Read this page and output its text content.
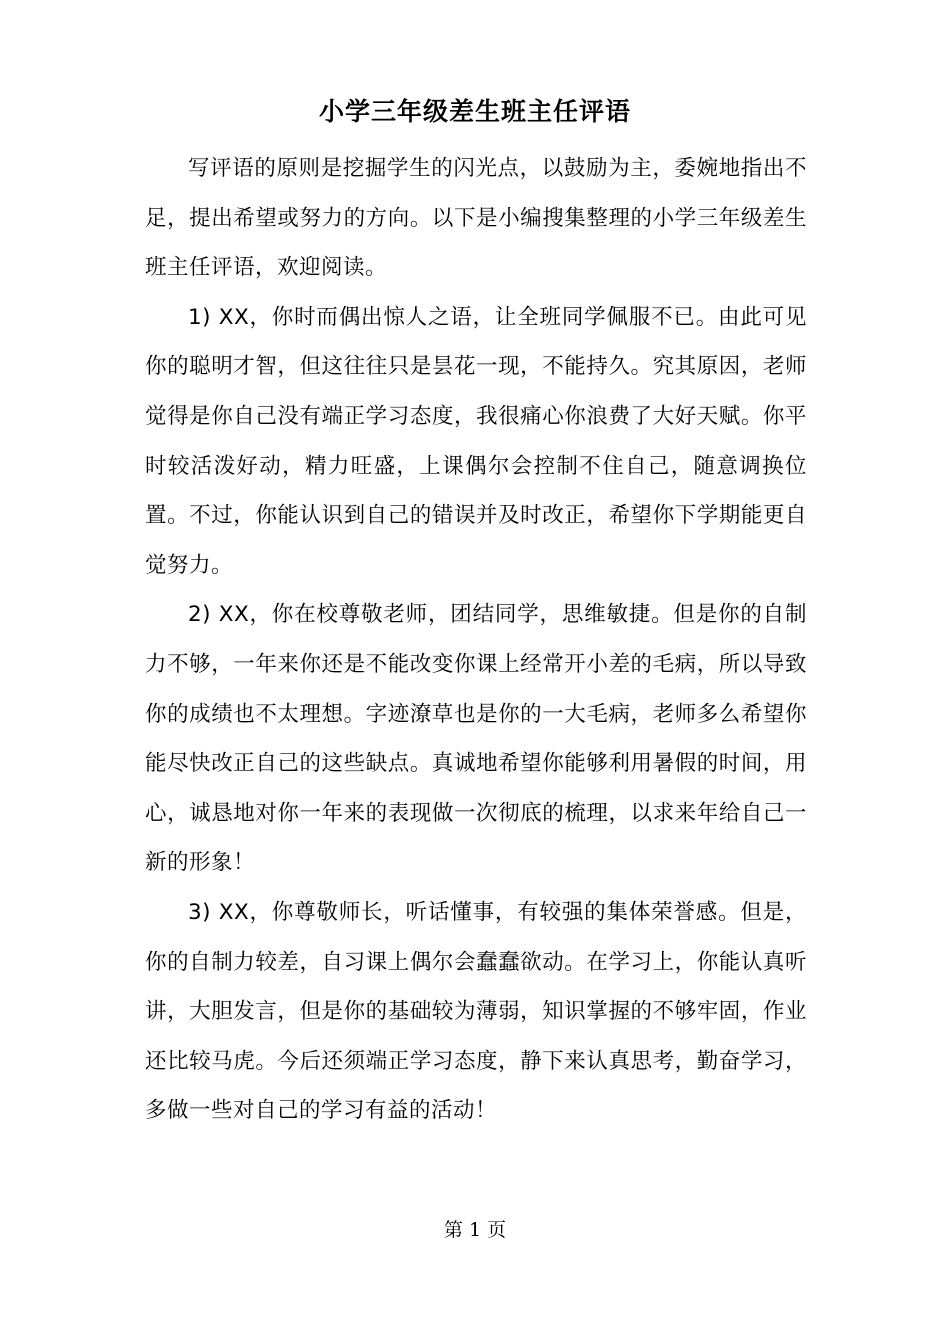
小学三年级差生班主任评语

写评语的原则是挖掘学生的闪光点，以鼓励为主，委婉地指出不足，提出希望或努力的方向。以下是小编搜集整理的小学三年级差生班主任评语，欢迎阅读。

1) XX，你时而偶出惊人之语，让全班同学佩服不已。由此可见你的聪明才智，但这往往只是昙花一现，不能持久。究其原因，老师觉得是你自己没有端正学习态度，我很痛心你浪费了大好天赋。你平时较活泼好动，精力旺盛，上课偶尔会控制不住自己，随意调换位置。不过，你能认识到自己的错误并及时改正，希望你下学期能更自觉努力。

2) XX，你在校尊敬老师，团结同学，思维敏捷。但是你的自制力不够，一年来你还是不能改变你课上经常开小差的毛病，所以导致你的成绩也不太理想。字迹潦草也是你的一大毛病，老师多么希望你能尽快改正自己的这些缺点。真诚地希望你能够利用暑假的时间，用心，诚恳地对你一年来的表现做一次彻底的梳理，以求来年给自己一新的形象！

3) XX，你尊敬师长，听话懂事，有较强的集体荣誉感。但是，你的自制力较差，自习课上偶尔会蠢蠢欲动。在学习上，你能认真听讲，大胆发言，但是你的基础较为薄弱，知识掌握的不够牢固，作业还比较马虎。今后还须端正学习态度，静下来认真思考，勤奋学习，多做一些对自己的学习有益的活动！

第 1 页
